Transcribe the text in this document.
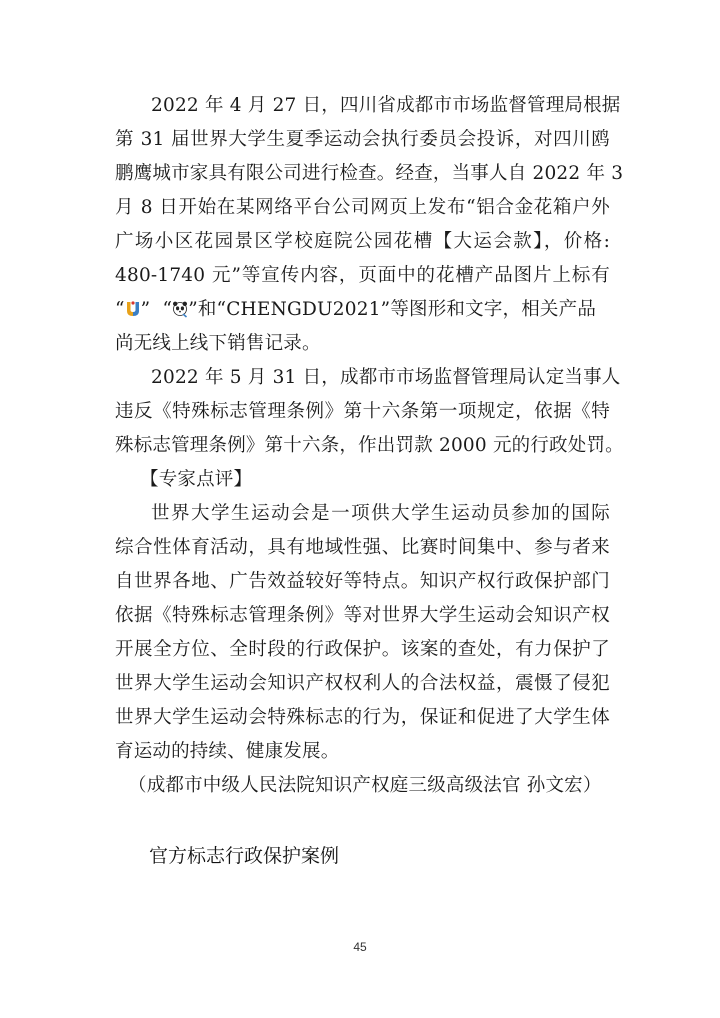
2022 年 4 月 27 日，四川省成都市市场监督管理局根据
第 31 届世界大学生夏季运动会执行委员会投诉，对四川鸥
鹏鹰城市家具有限公司进行检查。经查，当事人自 2022 年 3
月 8 日开始在某网络平台公司网页上发布“铝合金花箱户外
广场小区花园景区学校庭院公园花槽【大运会款】，价格:
480-1740 元”等宣传内容，页面中的花槽产品图片上标有
“ ” “ ”和“CHENGDU2021”等图形和文字，相关产品
尚无线上线下销售记录。
2022 年 5 月 31 日，成都市市场监督管理局认定当事人
违反《特殊标志管理条例》第十六条第一项规定，依据《特
殊标志管理条例》第十六条，作出罚款 2000 元的行政处罚。
【专家点评】
世界大学生运动会是一项供大学生运动员参加的国际
综合性体育活动，具有地域性强、比赛时间集中、参与者来
自世界各地、广告效益较好等特点。知识产权行政保护部门
依据《特殊标志管理条例》等对世界大学生运动会知识产权
开展全方位、全时段的行政保护。该案的查处，有力保护了
世界大学生运动会知识产权权利人的合法权益，震慑了侵犯
世界大学生运动会特殊标志的行为，保证和促进了大学生体
育运动的持续、健康发展。
（成都市中级人民法院知识产权庭三级高级法官 孙文宏）
官方标志行政保护案例
45
